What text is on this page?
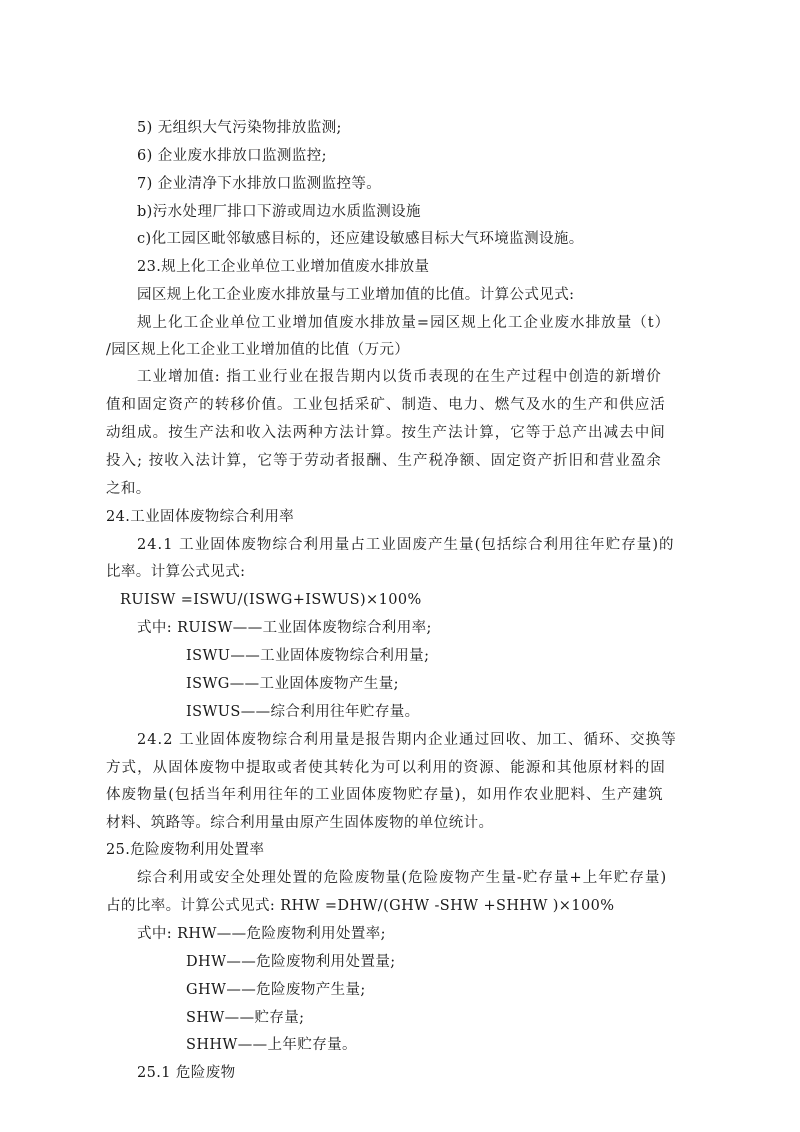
5) 无组织大气污染物排放监测;
6) 企业废水排放口监测监控;
7) 企业清净下水排放口监测监控等。
b)污水处理厂排口下游或周边水质监测设施
c)化工园区毗邻敏感目标的，还应建设敏感目标大气环境监测设施。
23.规上化工企业单位工业增加值废水排放量
园区规上化工企业废水排放量与工业增加值的比值。计算公式见式:
规上化工企业单位工业增加值废水排放量=园区规上化工企业废水排放量（t）
/园区规上化工企业工业增加值的比值（万元）
工业增加值: 指工业行业在报告期内以货币表现的在生产过程中创造的新增价
值和固定资产的转移价值。工业包括采矿、制造、电力、燃气及水的生产和供应活
动组成。按生产法和收入法两种方法计算。按生产法计算，它等于总产出减去中间
投入; 按收入法计算，它等于劳动者报酬、生产税净额、固定资产折旧和营业盈余
之和。
24.工业固体废物综合利用率
24.1 工业固体废物综合利用量占工业固废产生量(包括综合利用往年贮存量)的
比率。计算公式见式:
RUISW =ISWU/(ISWG+ISWUS)×100%
式中: RUISW——工业固体废物综合利用率;
ISWU——工业固体废物综合利用量;
ISWG——工业固体废物产生量;
ISWUS——综合利用往年贮存量。
24.2 工业固体废物综合利用量是报告期内企业通过回收、加工、循环、交换等
方式，从固体废物中提取或者使其转化为可以利用的资源、能源和其他原材料的固
体废物量(包括当年利用往年的工业固体废物贮存量)，如用作农业肥料、生产建筑
材料、筑路等。综合利用量由原产生固体废物的单位统计。
25.危险废物利用处置率
综合利用或安全处理处置的危险废物量(危险废物产生量-贮存量+上年贮存量)
占的比率。计算公式见式: RHW =DHW/(GHW -SHW +SHHW )×100%
式中: RHW——危险废物利用处置率;
DHW——危险废物利用处置量;
GHW——危险废物产生量;
SHW——贮存量;
SHHW——上年贮存量。
25.1 危险废物
